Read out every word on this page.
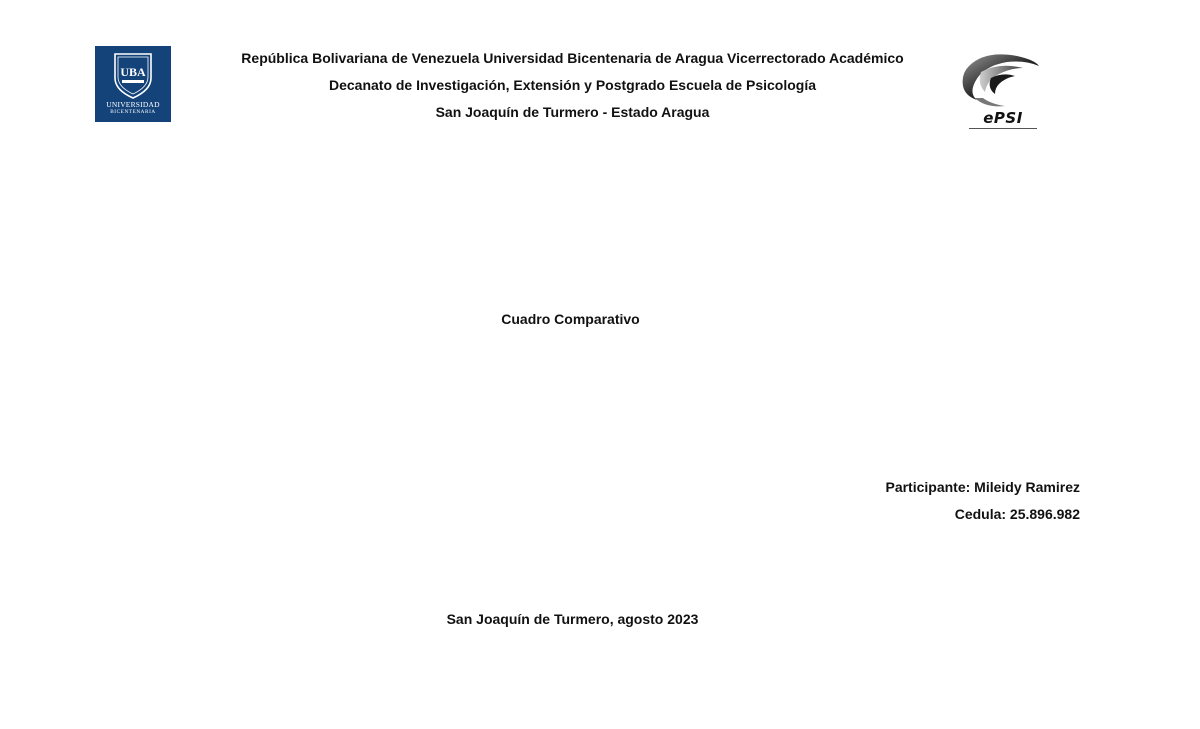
UBA
UNIVERSIDAD
BICENTENARIA
República Bolivariana de Venezuela Universidad Bicentenaria de Aragua Vicerrectorado Académico
Decanato de Investigación, Extensión y Postgrado Escuela de Psicología
San Joaquín de Turmero - Estado Aragua	ePSI
Cuadro Comparativo
Participante: Mileidy Ramirez
Cedula: 25.896.982
San Joaquín de Turmero, agosto 2023
